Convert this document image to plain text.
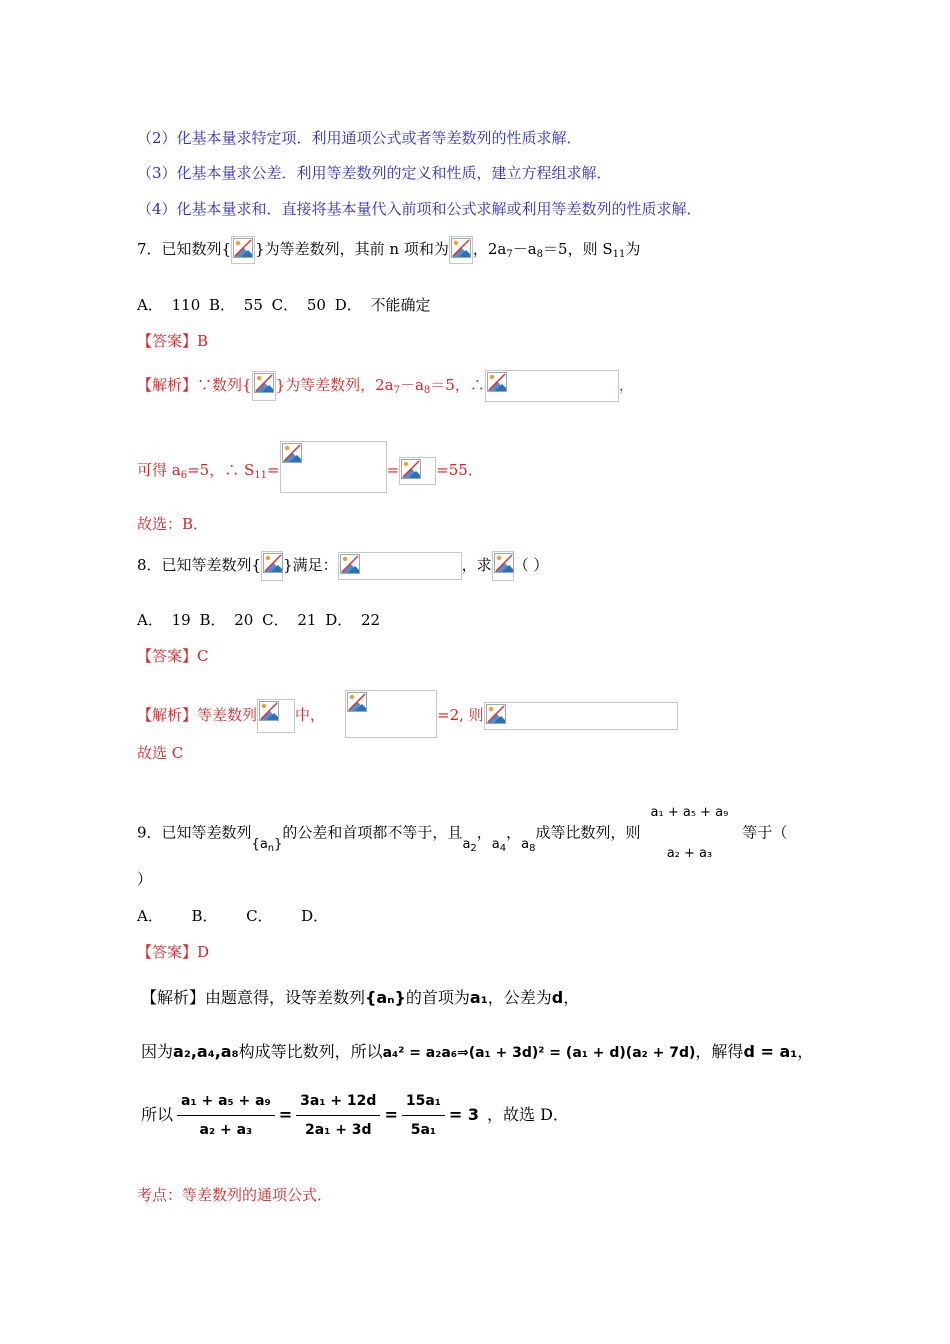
（2）化基本量求特定项．利用通项公式或者等差数列的性质求解．
（3）化基本量求公差．利用等差数列的定义和性质，建立方程组求解．
（4）化基本量求和．直接将基本量代入前项和公式求解或利用等差数列的性质求解．
7．已知数列{ }为等差数列，其前 n 项和为 ，$2a_7-a_8=5$，则 $S_{11}$为
A． 110 B． 55 C． 50 D． 不能确定
【答案】B
【解析】∵数列{ }为等差数列，$2a_7-a_8=5$，∴	，
可得 $a_6=5$，∴ $S_{11}=$	= =55．
故选：B．
8．已知等差数列{ }满足：	，求 （ ）
A． 19 B． 20 C． 21 D． 22
【答案】C
【解析】等差数列	中，	=2, 则
故选 C
9．已知等差数列$\{a_n\}$的公差和首项都不等于，且$a_2$，$a_4$，$a_8$成等比数列，则
a₁ + a₅ + a₉
a₂ + a₃
等于（
）
A．      B．      C．      D．
【答案】D
【解析】由题意得，设等差数列{aₙ}的首项为a₁，公差为d，
因为a₂,a₄,a₈构成等比数列，所以a₄² = a₂a₆⇒(a₁ + 3d)² = (a₁ + d)(a₂ + 7d)，解得d = a₁，
所以 $\frac{\text{a₁ + a₅ + a₉}}{\text{a₂ + a₃}} = \frac{\text{3a₁ + 12d}}{\text{2a₁ + 3d}} = \frac{\text{15a₁}}{\text{5a₁}} = 3$ ，故选 D．
考点：等差数列的通项公式．
